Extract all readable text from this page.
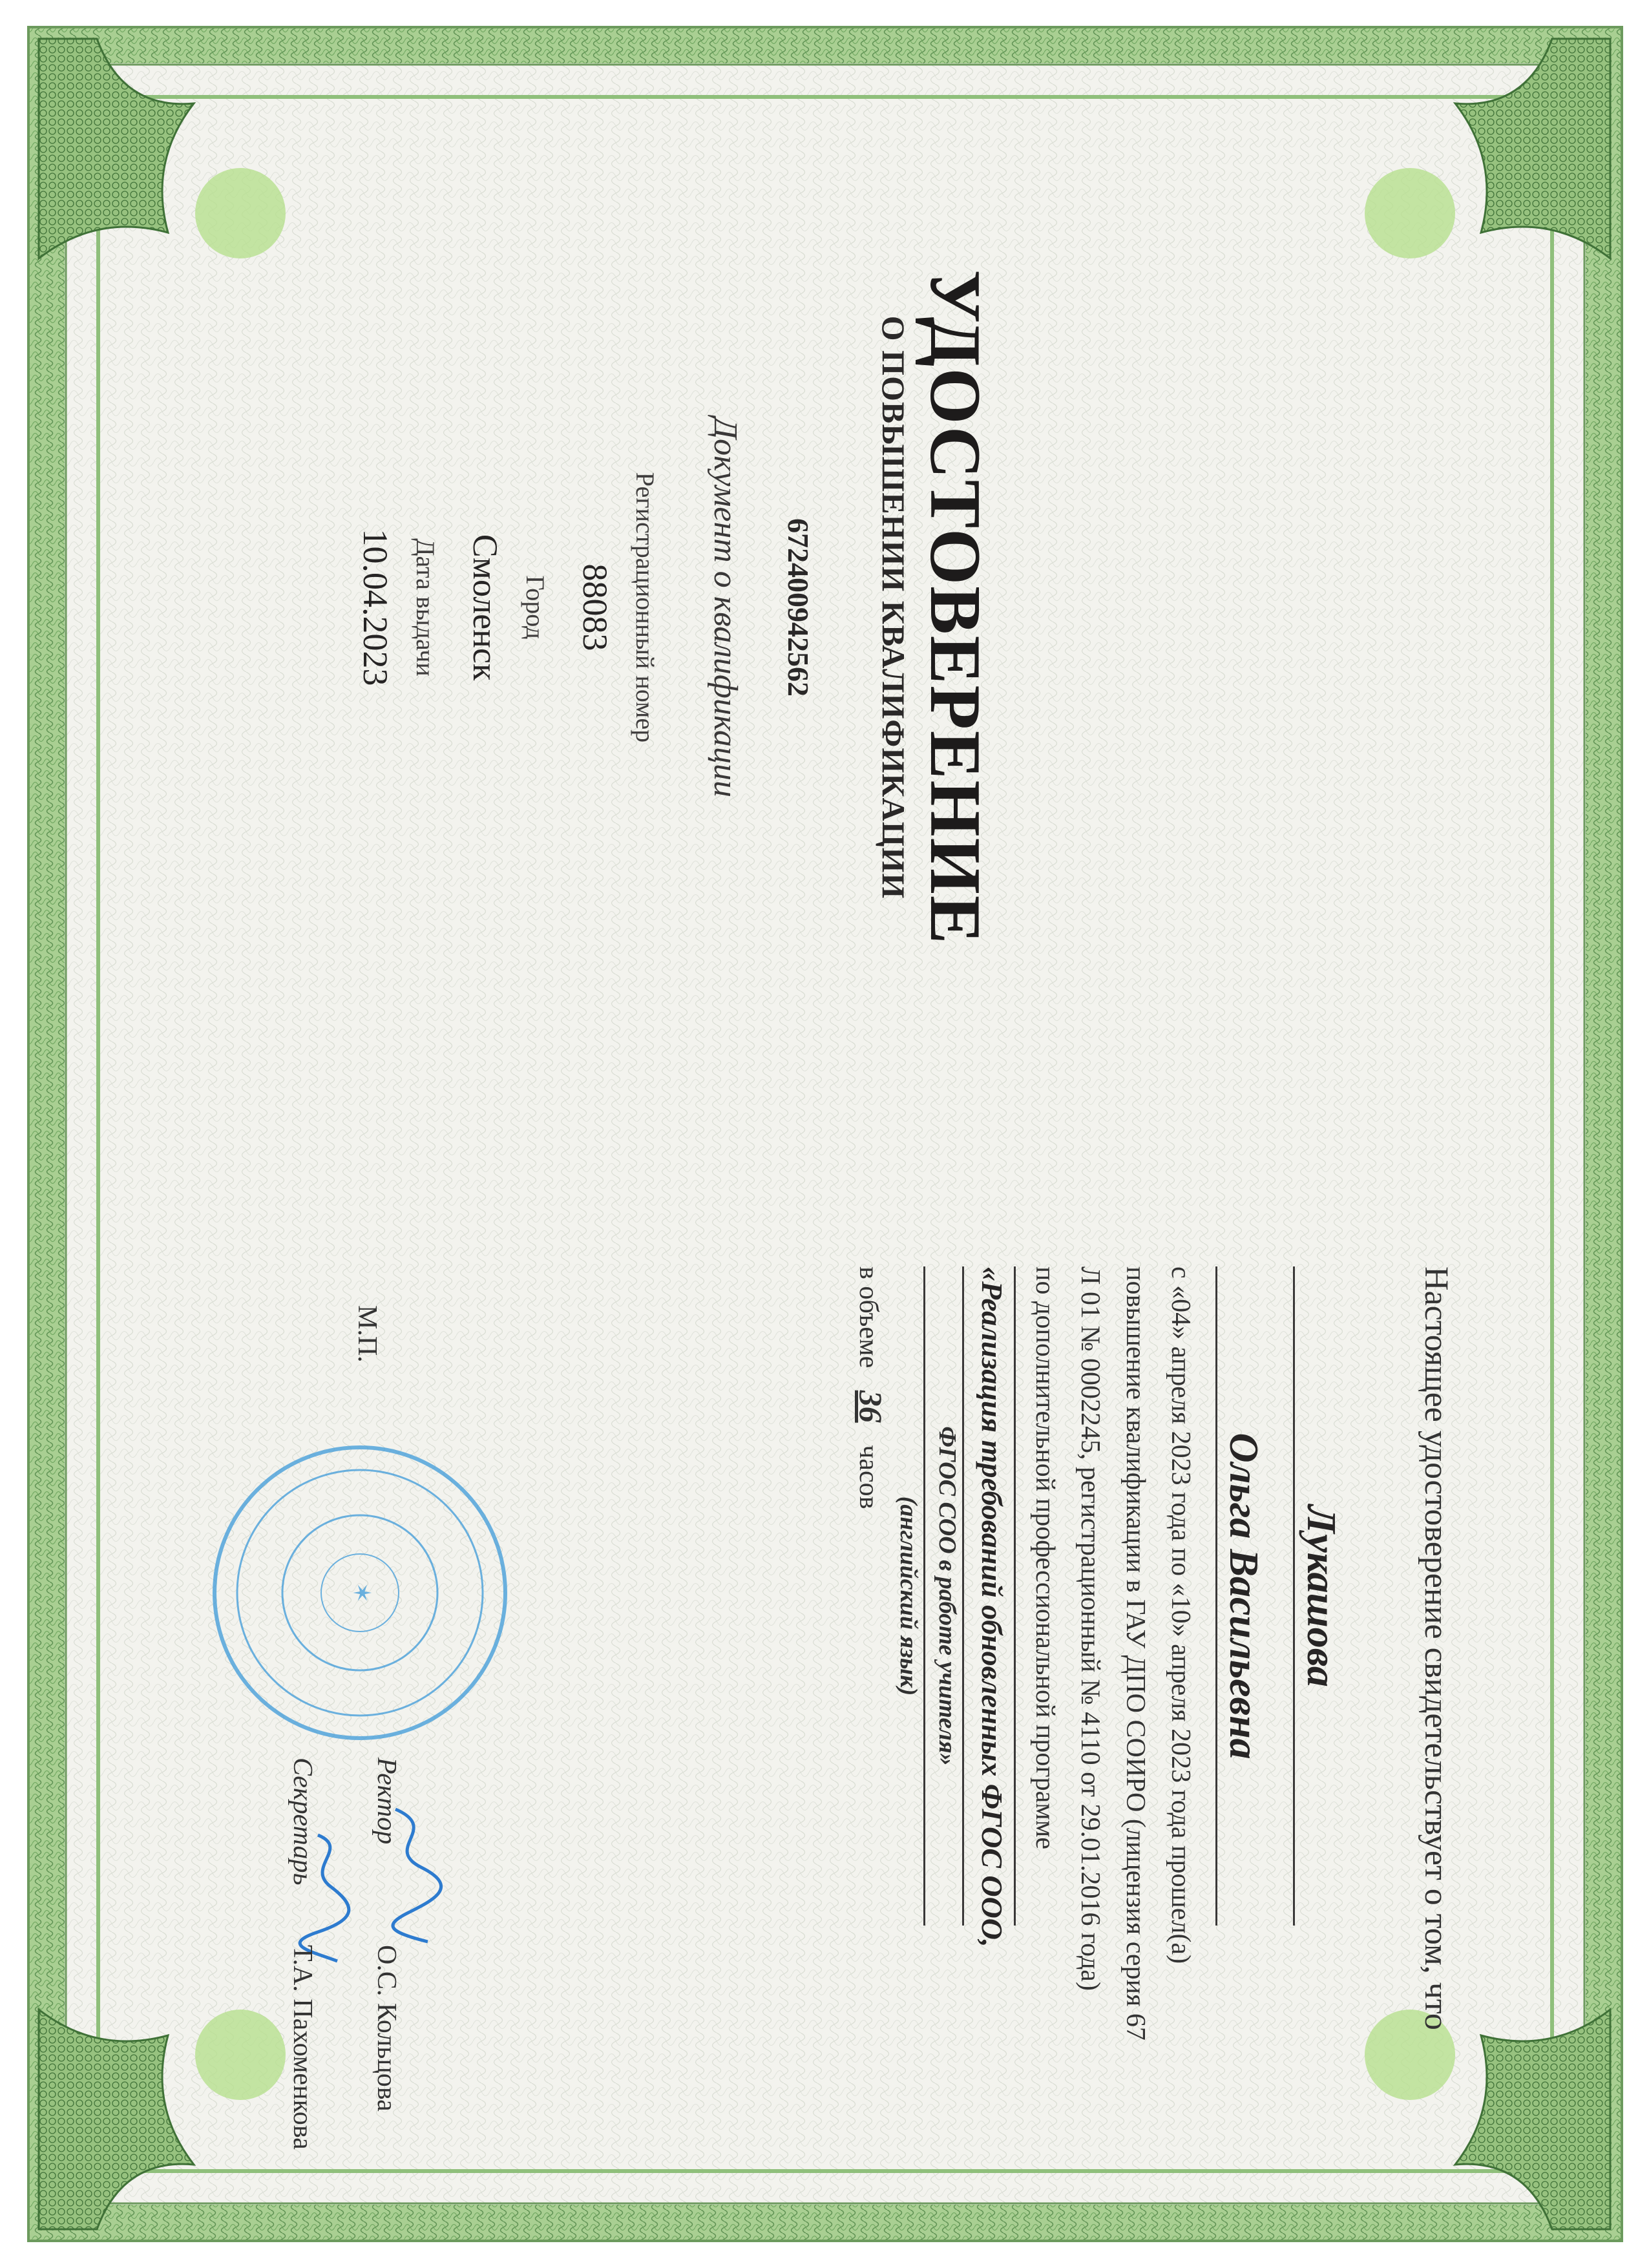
УДОСТОВЕРЕНИЕ
О ПОВЫШЕНИИ КВАЛИФИКАЦИИ
672400942562
Документ о квалификации
Регистрационный номер
88083
Город
Настоящее удостоверение свидетельствует о том, что
Лукашова
Ольга Васильевна
с «04» апреля 2023 года по «10» апреля 2023 года прошел(а)
повышение квалификации в ГАУ ДПО СОИРО (лицензия серия 67
Л 01 № 0002245, регистрационный № 4110 от 29.01.2016 года)
по дополнительной профессиональной программе
«Реализация требований обновленных ФГОС ООО,
ФГОС СОО в работе учителя»
(английский язык)
в объеме 36 часов
М.П.
✶
Ректор
О.С. Кольцова
Секретарь
Т.А. Пахоменкова
Смоленск
Дата выдачи
10.04.2023
